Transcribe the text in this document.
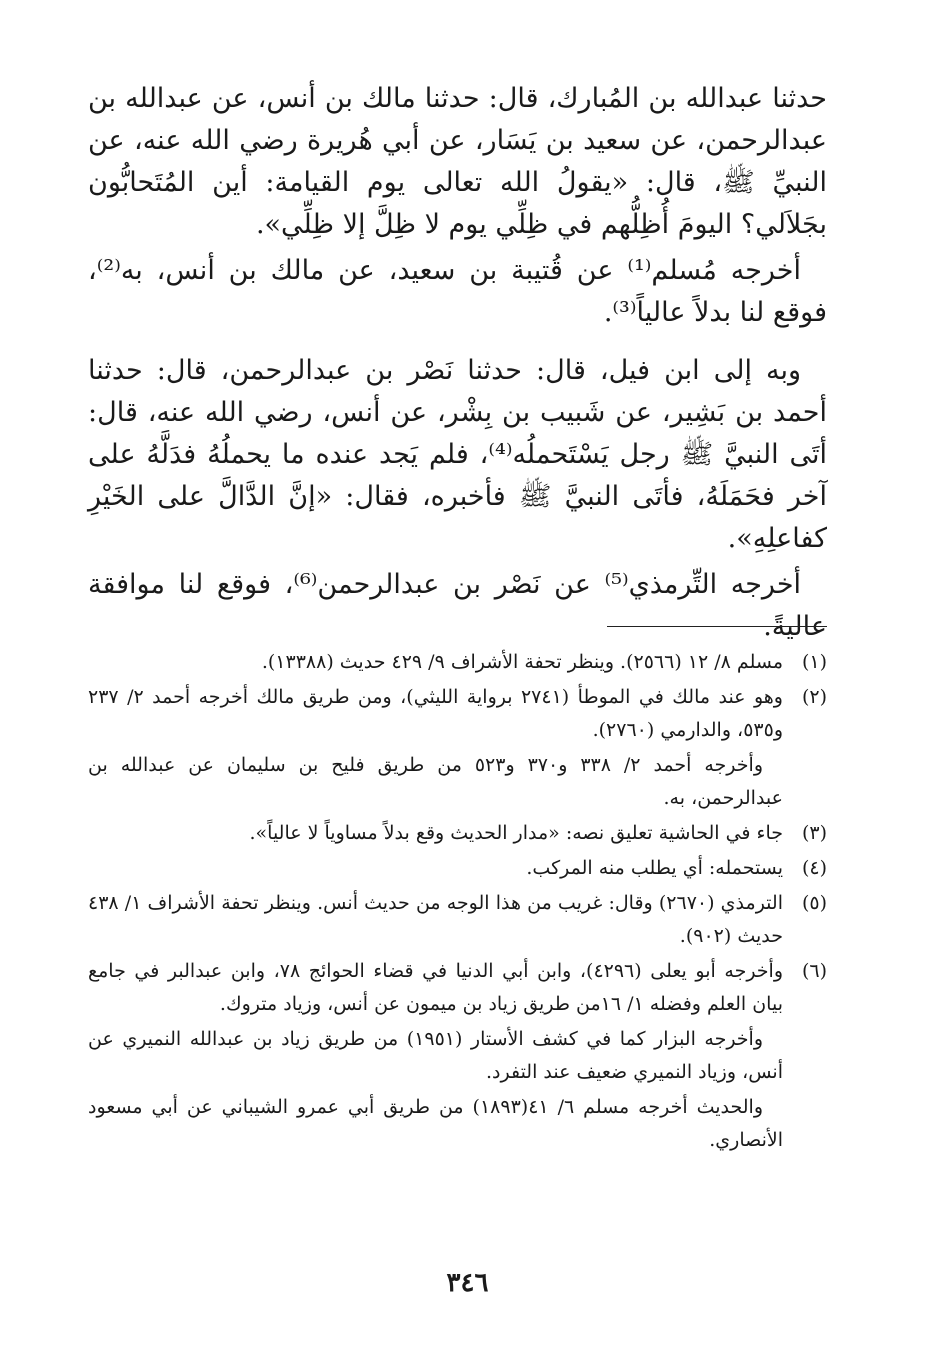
حدثنا عبدالله بن المُبارك، قال: حدثنا مالك بن أنس، عن عبدالله بن عبدالرحمن، عن سعيد بن يَسَار، عن أبي هُريرة رضي الله عنه، عن النبيِّ ﷺ، قال: «يقولُ الله تعالى يوم القيامة: أين المُتَحابُّون بجَلاَلي؟ اليومَ أُظِلُّهم في ظِلِّي يوم لا ظِلَّ إلا ظِلِّي».

أخرجه مُسلم⁽¹⁾ عن قُتيبة بن سعيد، عن مالك بن أنس، به⁽²⁾، فوقع لنا بدلاً عالياً⁽³⁾.

وبه إلى ابن فيل، قال: حدثنا نَصْر بن عبدالرحمن، قال: حدثنا أحمد بن بَشِير، عن شَبيب بن بِشْر، عن أنس، رضي الله عنه، قال: أتَى النبيَّ ﷺ رجل يَسْتَحملُه⁽⁴⁾، فلم يَجد عنده ما يحملُهُ فدَلَّهُ على آخر فحَمَلَهُ، فأتَى النبيَّ ﷺ فأخبره، فقال: «إنَّ الدَّالَّ على الخَيْرِ كفاعلِهِ».

أخرجه التِّرمذي⁽⁵⁾ عن نَصْر بن عبدالرحمن⁽⁶⁾، فوقع لنا موافقة عاليةً.

(١)
مسلم ٨/ ١٢ (٢٥٦٦). وينظر تحفة الأشراف ٩/ ٤٢٩ حديث (١٣٣٨٨).
(٢)
وهو عند مالك في الموطأ (٢٧٤١ برواية الليثي)، ومن طريق مالك أخرجه أحمد ٢/ ٢٣٧ و٥٣٥، والدارمي (٢٧٦٠).
وأخرجه أحمد ٢/ ٣٣٨ و٣٧٠ و٥٢٣ من طريق فليح بن سليمان عن عبدالله بن عبدالرحمن، به.
(٣)
جاء في الحاشية تعليق نصه: «مدار الحديث وقع بدلاً مساوياً لا عالياً».
(٤)
يستحمله: أي يطلب منه المركب.
(٥)
الترمذي (٢٦٧٠) وقال: غريب من هذا الوجه من حديث أنس. وينظر تحفة الأشراف ١/ ٤٣٨ حديث (٩٠٢).
(٦)
وأخرجه أبو يعلى (٤٢٩٦)، وابن أبي الدنيا في قضاء الحوائج ٧٨، وابن عبدالبر في جامع بيان العلم وفضله ١/ ١٦من طريق زياد بن ميمون عن أنس، وزياد متروك.
وأخرجه البزار كما في كشف الأستار (١٩٥١) من طريق زياد بن عبدالله النميري عن أنس، وزياد النميري ضعيف عند التفرد.
والحديث أخرجه مسلم ٦/ ٤١(١٨٩٣) من طريق أبي عمرو الشيباني عن أبي مسعود الأنصاري.
٣٤٦
